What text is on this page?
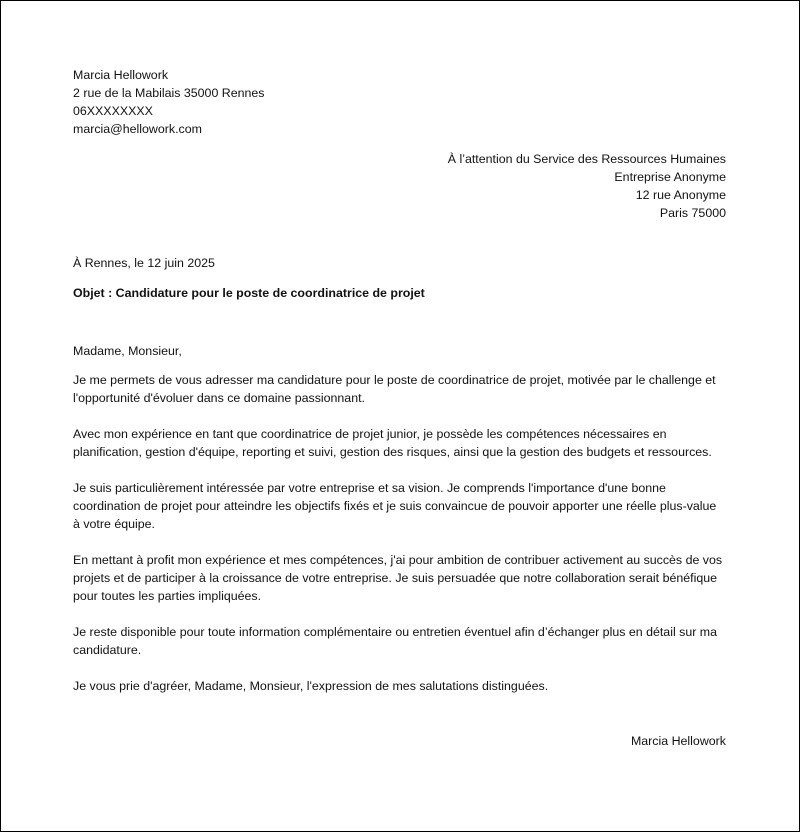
Marcia Hellowork
2 rue de la Mabilais 35000 Rennes
06XXXXXXXX
marcia@hellowork.com
À l’attention du Service des Ressources Humaines
Entreprise Anonyme
12 rue Anonyme
Paris 75000
À Rennes, le 12 juin 2025
Objet : Candidature pour le poste de coordinatrice de projet
Madame, Monsieur,
Je me permets de vous adresser ma candidature pour le poste de coordinatrice de projet, motivée par le challenge et l'opportunité d'évoluer dans ce domaine passionnant.
Avec mon expérience en tant que coordinatrice de projet junior, je possède les compétences nécessaires en planification, gestion d'équipe, reporting et suivi, gestion des risques, ainsi que la gestion des budgets et ressources.
Je suis particulièrement intéressée par votre entreprise et sa vision. Je comprends l'importance d'une bonne coordination de projet pour atteindre les objectifs fixés et je suis convaincue de pouvoir apporter une réelle plus-value à votre équipe.
En mettant à profit mon expérience et mes compétences, j'ai pour ambition de contribuer activement au succès de vos projets et de participer à la croissance de votre entreprise. Je suis persuadée que notre collaboration serait bénéfique pour toutes les parties impliquées.
Je reste disponible pour toute information complémentaire ou entretien éventuel afin d’échanger plus en détail sur ma candidature.
Je vous prie d'agréer, Madame, Monsieur, l'expression de mes salutations distinguées.
Marcia Hellowork
